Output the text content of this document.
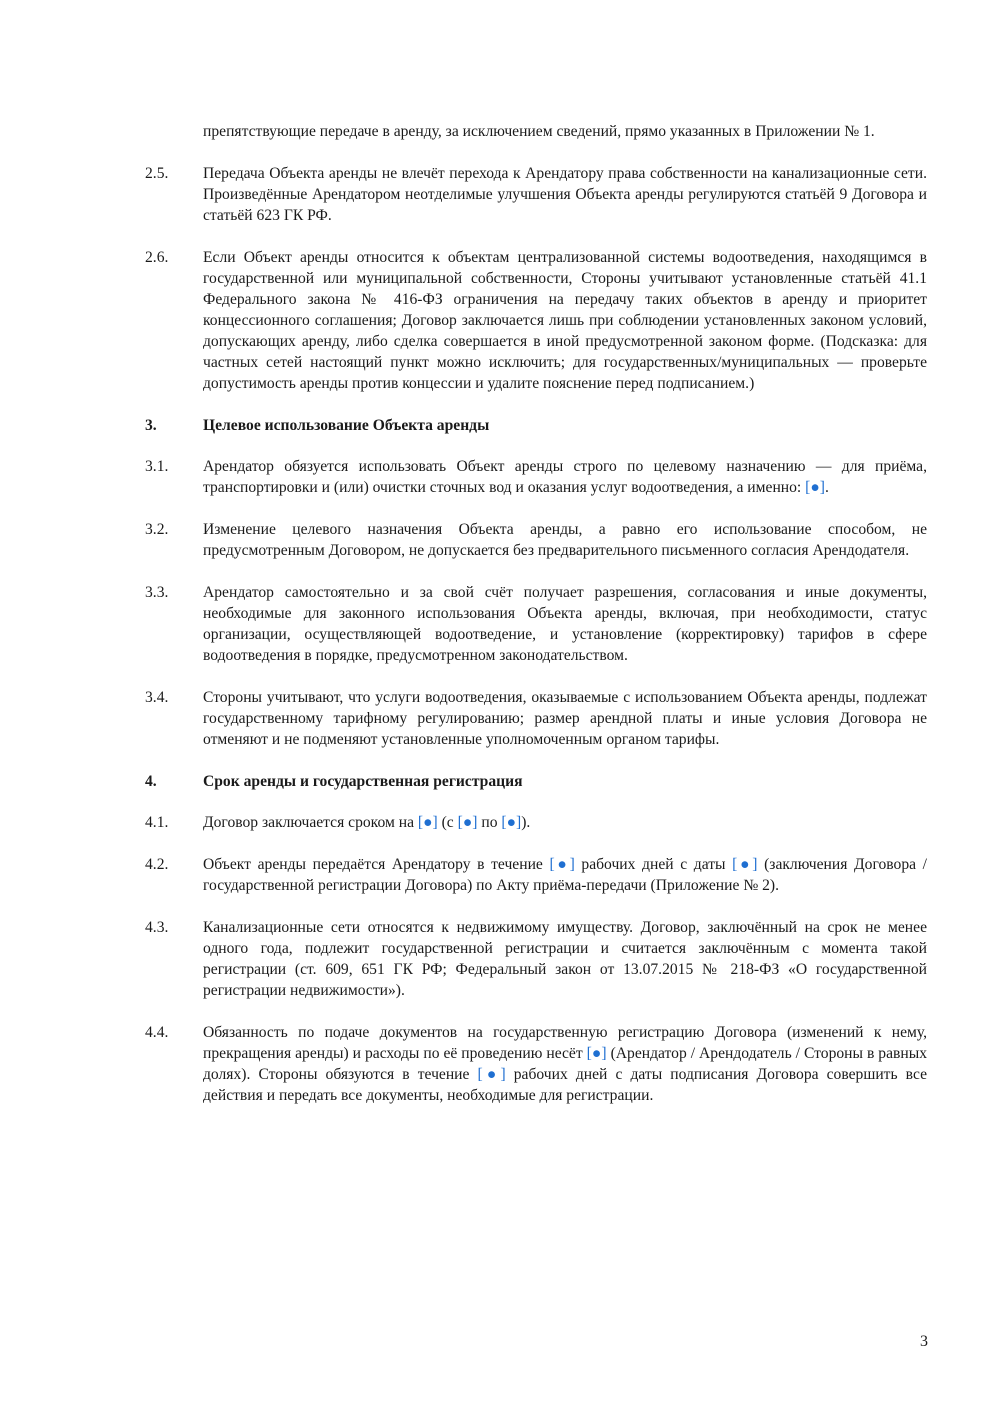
препятствующие передаче в аренду, за исключением сведений, прямо указанных в Приложении № 1.
2.5.	Передача Объекта аренды не влечёт перехода к Арендатору права собственности на канализационные сети. Произведённые Арендатором неотделимые улучшения Объекта аренды регулируются статьёй 9 Договора и статьёй 623 ГК РФ.
2.6.	Если Объект аренды относится к объектам централизованной системы водоотведения, находящимся в государственной или муниципальной собственности, Стороны учитывают установленные статьёй 41.1 Федерального закона № 416-ФЗ ограничения на передачу таких объектов в аренду и приоритет концессионного соглашения; Договор заключается лишь при соблюдении установленных законом условий, допускающих аренду, либо сделка совершается в иной предусмотренной законом форме. (Подсказка: для частных сетей настоящий пункт можно исключить; для государственных/муниципальных — проверьте допустимость аренды против концессии и удалите пояснение перед подписанием.)
3.	Целевое использование Объекта аренды
3.1.	Арендатор обязуется использовать Объект аренды строго по целевому назначению — для приёма, транспортировки и (или) очистки сточных вод и оказания услуг водоотведения, а именно: [●].
3.2.	Изменение целевого назначения Объекта аренды, а равно его использование способом, не предусмотренным Договором, не допускается без предварительного письменного согласия Арендодателя.
3.3.	Арендатор самостоятельно и за свой счёт получает разрешения, согласования и иные документы, необходимые для законного использования Объекта аренды, включая, при необходимости, статус организации, осуществляющей водоотведение, и установление (корректировку) тарифов в сфере водоотведения в порядке, предусмотренном законодательством.
3.4.	Стороны учитывают, что услуги водоотведения, оказываемые с использованием Объекта аренды, подлежат государственному тарифному регулированию; размер арендной платы и иные условия Договора не отменяют и не подменяют установленные уполномоченным органом тарифы.
4.	Срок аренды и государственная регистрация
4.1.	Договор заключается сроком на [●] (с [●] по [●]).
4.2.	Объект аренды передаётся Арендатору в течение [●] рабочих дней с даты [●] (заключения Договора / государственной регистрации Договора) по Акту приёма-передачи (Приложение № 2).
4.3.	Канализационные сети относятся к недвижимому имуществу. Договор, заключённый на срок не менее одного года, подлежит государственной регистрации и считается заключённым с момента такой регистрации (ст. 609, 651 ГК РФ; Федеральный закон от 13.07.2015 № 218-ФЗ «О государственной регистрации недвижимости»).
4.4.	Обязанность по подаче документов на государственную регистрацию Договора (изменений к нему, прекращения аренды) и расходы по её проведению несёт [●] (Арендатор / Арендодатель / Стороны в равных долях). Стороны обязуются в течение [●] рабочих дней с даты подписания Договора совершить все действия и передать все документы, необходимые для регистрации.
3
